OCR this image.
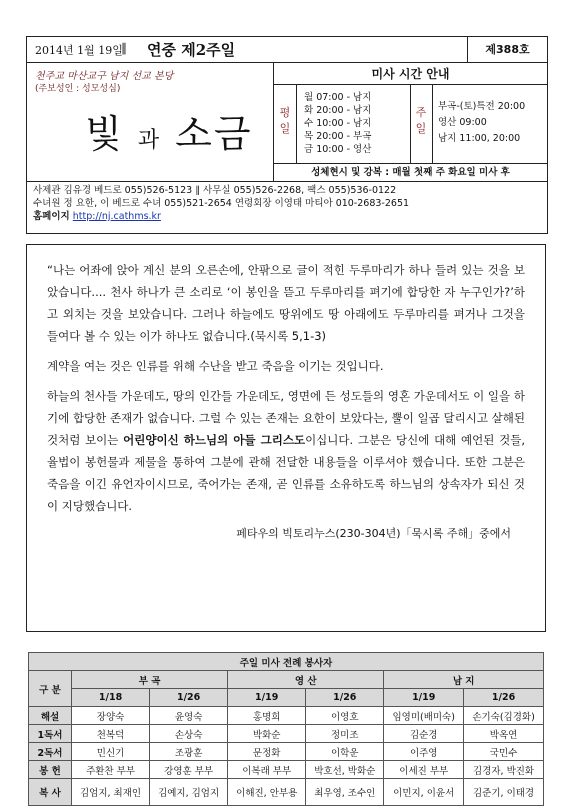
2014년 1월 19일
∥ 연중 제2주일	제388호
천주교 마산교구 남지 선교 본당
(주보성인 : 성모성심)
빛 과 소금
미사 시간 안내
평일
월 07:00 - 남지
화 20:00 - 남지
수 10:00 - 남지
목 20:00 - 부곡
금 10:00 - 영산
주일
부곡-(토)특전 20:00
영산 09:00
남지 11:00, 20:00
성체현시 및 강복 : 매월 첫째 주 화요일 미사 후
사제관 김유경 베드로 055)526-5123 ∥ 사무실 055)526-2268, 팩스 055)536-0122
수녀원 정 요한, 이 베드로 수녀 055)521-2654 연령회장 이영태 마티아 010-2683-2651
홈페이지 http://nj.cathms.kr

“나는 어좌에 앉아 계신 분의 오른손에, 안팎으로 글이 적힌 두루마리가 하나 들려 있는 것을 보았습니다.... 천사 하나가 큰 소리로 ‘이 봉인을 뜯고 두루마리를 펴기에 합당한 자 누구인가?’하고 외치는 것을 보았습니다. 그러나 하늘에도 땅위에도 땅 아래에도 두루마리를 펴거나 그것을 들여다 볼 수 있는 이가 하나도 없습니다.(묵시록 5,1-3)

계약을 여는 것은 인류를 위해 수난을 받고 죽음을 이기는 것입니다.

하늘의 천사들 가운데도, 땅의 인간들 가운데도, 영면에 든 성도들의 영혼 가운데서도 이 일을 하기에 합당한 존재가 없습니다. 그럴 수 있는 존재는 요한이 보았다는, 뿔이 일곱 달리시고 살해된 것처럼 보이는 어린양이신 하느님의 아들 그리스도이십니다. 그분은 당신에 대해 예언된 것들, 율법이 봉헌물과 제물을 통하여 그분에 관해 전달한 내용들을 이루셔야 했습니다. 또한 그분은 죽음을 이긴 유언자이시므로, 죽어가는 존재, 곧 인류를 소유하도록 하느님의 상속자가 되신 것이 지당했습니다.

페타우의 빅토리누스(230-304년)「묵시록 주해」중에서
주일 미사 전례 봉사자						
구 분	부 곡		영 산		남 지	
	1/18	1/26	1/19	1/26	1/19	1/26
해설	장양숙	윤영숙	홍명희	이영호	임영미(배미숙)	손기숙(김경화)
1독서	천복덕	손상숙	박화순	정미조	김순경	박옥연
2독서	민신기	조광훈	문정화	이학운	이주영	국민수
봉 헌	주환찬 부부	강영훈 부부	이복래 부부	박호선, 박화순	이세진 부부	김경자, 박진화
복 사	김엄지, 최재인	김예지, 김엄지	이해진, 안부용	최우영, 조수인	이민지, 이윤서	김준기, 이태경
